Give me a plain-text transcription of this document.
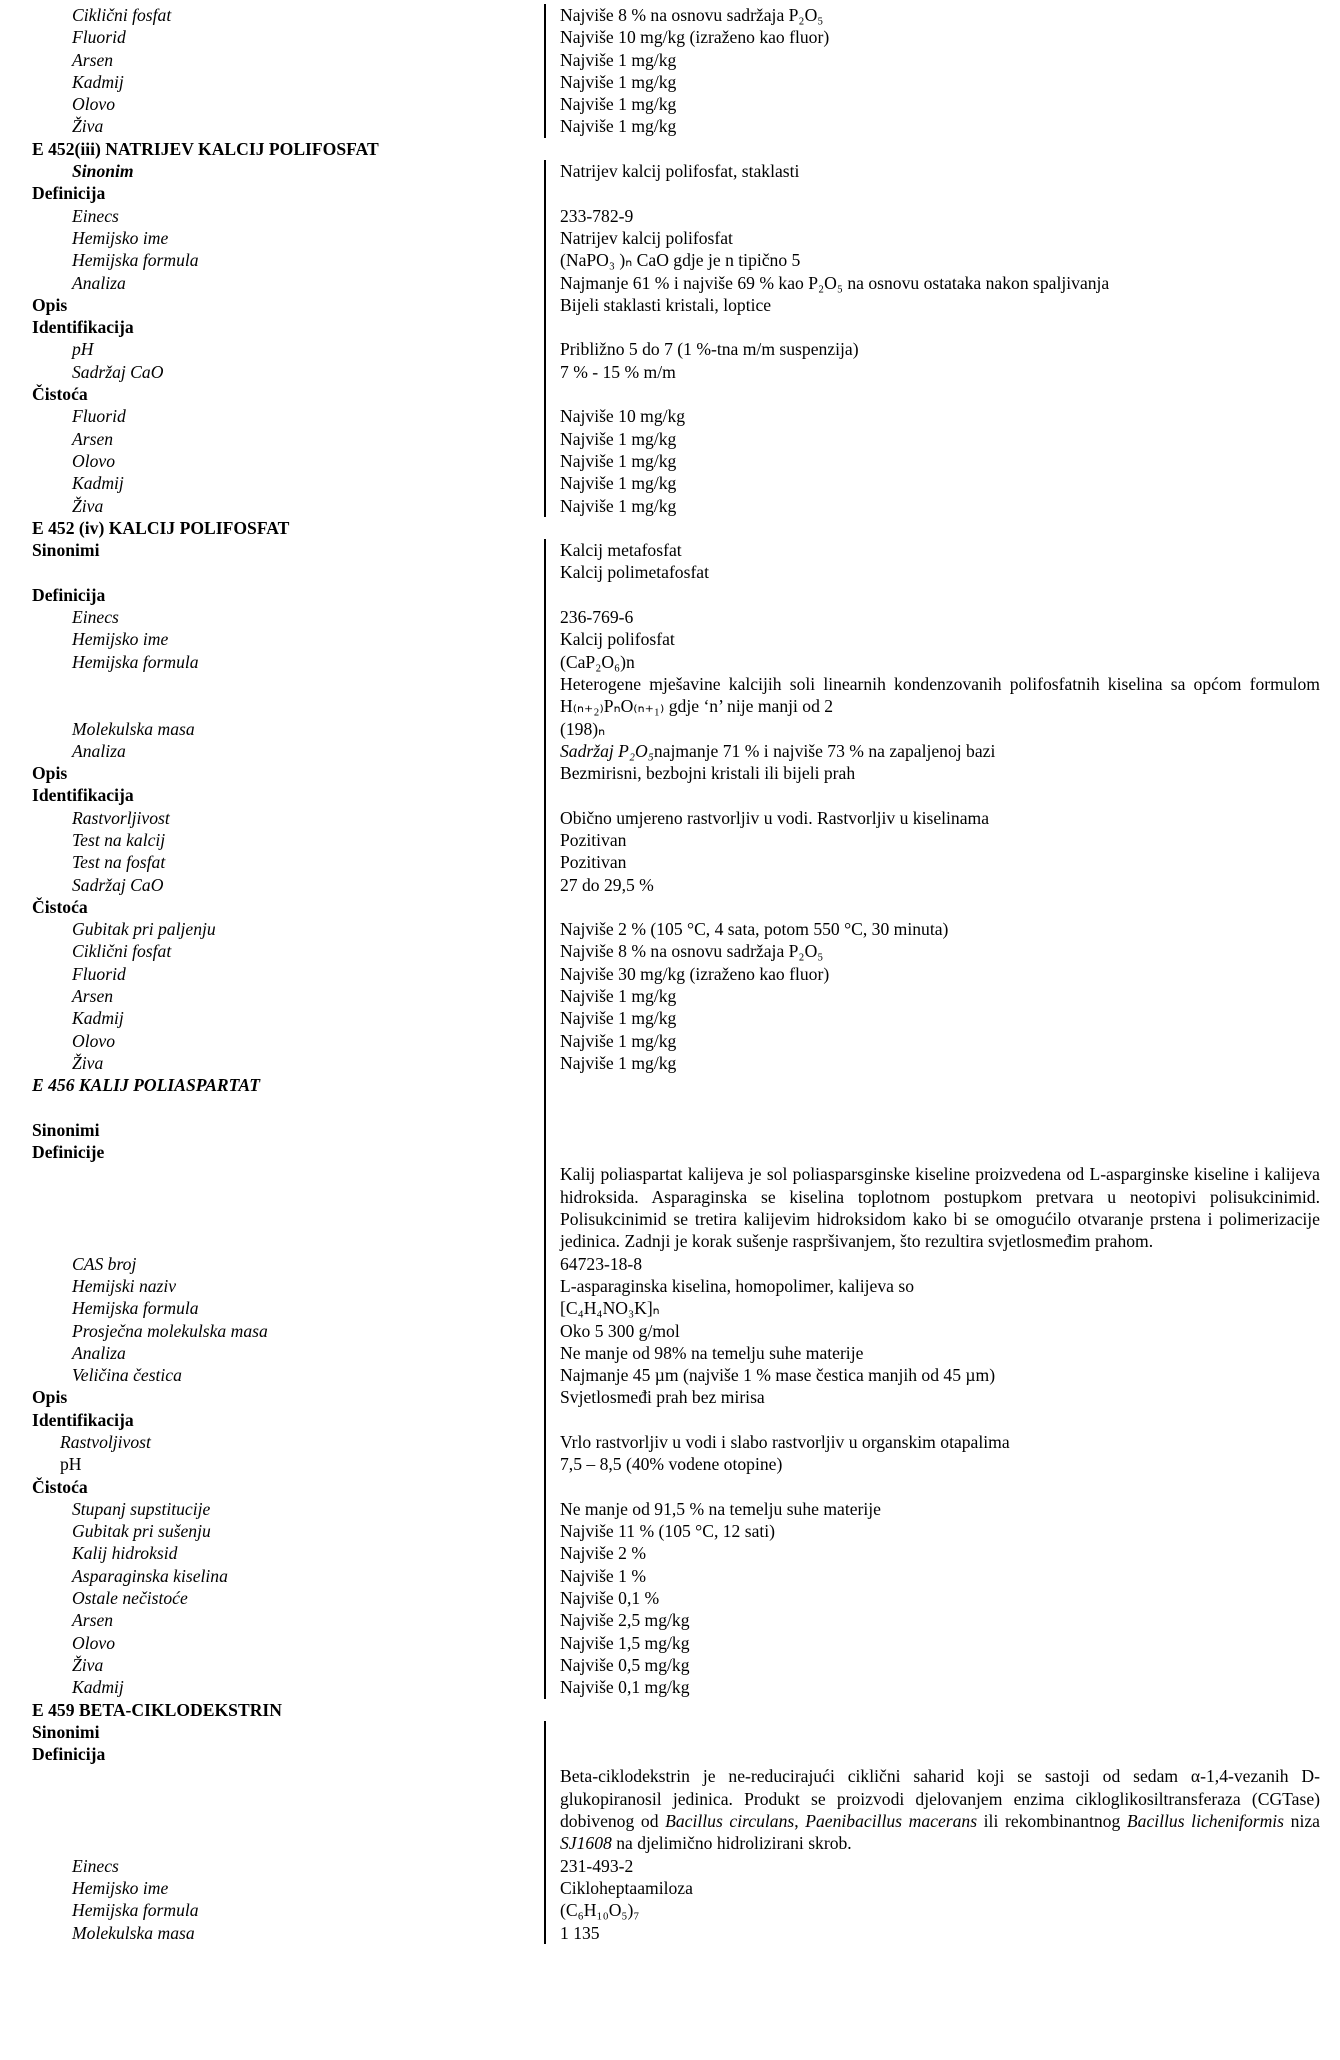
Ciklični fosfat	Najviše 8 % na osnovu sadržaja P₂O₅
Fluorid	Najviše 10 mg/kg (izraženo kao fluor)
Arsen	Najviše 1 mg/kg
Kadmij	Najviše 1 mg/kg
Olovo	Najviše 1 mg/kg
Živa	Najviše 1 mg/kg
E 452(iii) NATRIJEV KALCIJ POLIFOSFAT
Sinonim	Natrijev kalcij polifosfat, staklasti
Definicija
Einecs	233-782-9
Hemijsko ime	Natrijev kalcij polifosfat
Hemijska formula	(NaPO₃ )ₙ CaO gdje je n tipično 5
Analiza	Najmanje 61 % i najviše 69 % kao P₂O₅ na osnovu ostataka nakon spaljivanja
Opis	Bijeli staklasti kristali, loptice
Identifikacija
pH	Približno 5 do 7 (1 %-tna m/m suspenzija)
Sadržaj CaO	7 % - 15 % m/m
Čistoća
Fluorid	Najviše 10 mg/kg
Arsen	Najviše 1 mg/kg
Olovo	Najviše 1 mg/kg
Kadmij	Najviše 1 mg/kg
Živa	Najviše 1 mg/kg
E 452 (iv) KALCIJ POLIFOSFAT
Sinonimi	Kalcij metafosfat
Kalcij polimetafosfat
Definicija
Einecs	236-769-6
Hemijsko ime	Kalcij polifosfat
Hemijska formula	(CaP₂O₆)n
Heterogene mješavine kalcijih soli linearnih kondenzovanih polifosfatnih kiselina sa općom formulom H₍ₙ₊₂₎PₙO₍ₙ₊₁₎ gdje ‘n’ nije manji od 2
Molekulska masa	(198)ₙ
Analiza	Sadržaj P₂O₅najmanje 71 % i najviše 73 % na zapaljenoj bazi
Opis	Bezmirisni, bezbojni kristali ili bijeli prah
Identifikacija
Rastvorljivost	Obično umjereno rastvorljiv u vodi. Rastvorljiv u kiselinama
Test na kalcij	Pozitivan
Test na fosfat	Pozitivan
Sadržaj CaO	27 do 29,5 %
Čistoća
Gubitak pri paljenju	Najviše 2 % (105 °C, 4 sata, potom 550 °C, 30 minuta)
Ciklični fosfat	Najviše 8 % na osnovu sadržaja P₂O₅
Fluorid	Najviše 30 mg/kg (izraženo kao fluor)
Arsen	Najviše 1 mg/kg
Kadmij	Najviše 1 mg/kg
Olovo	Najviše 1 mg/kg
Živa	Najviše 1 mg/kg
E 456 KALIJ POLIASPARTAT
Sinonimi
Definicije
Kalij poliaspartat kalijeva je sol poliasparsginske kiseline proizvedena od L-asparginske kiseline i kalijeva hidroksida. Asparaginska se kiselina toplotnom postupkom pretvara u neotopivi polisukcinimid. Polisukcinimid se tretira kalijevim hidroksidom kako bi se omogućilo otvaranje prstena i polimerizacije jedinica. Zadnji je korak sušenje raspršivanjem, što rezultira svjetlosmeđim prahom.
CAS broj	64723-18-8
Hemijski naziv	L-asparaginska kiselina, homopolimer, kalijeva so
Hemijska formula	[C₄H₄NO₃K]ₙ
Prosječna molekulska masa	Oko 5 300 g/mol
Analiza	Ne manje od 98% na temelju suhe materije
Veličina čestica	Najmanje 45 µm (najviše 1 % mase čestica manjih od 45 µm)
Opis	Svjetlosmeđi prah bez mirisa
Identifikacija
Rastvoljivost	Vrlo rastvorljiv u vodi i slabo rastvorljiv u organskim otapalima
pH	7,5 – 8,5 (40% vodene otopine)
Čistoća
Stupanj supstitucije	Ne manje od 91,5 % na temelju suhe materije
Gubitak pri sušenju	Najviše 11 % (105 °C, 12 sati)
Kalij hidroksid	Najviše 2 %
Asparaginska kiselina	Najviše 1 %
Ostale nečistoće	Najviše 0,1 %
Arsen	Najviše 2,5 mg/kg
Olovo	Najviše 1,5 mg/kg
Živa	Najviše 0,5 mg/kg
Kadmij	Najviše 0,1 mg/kg
E 459 BETA-CIKLODEKSTRIN
Sinonimi
Definicija
Beta-ciklodekstrin je ne-reducirajući ciklični saharid koji se sastoji od sedam α-1,4-vezanih D-glukopiranosil jedinica. Produkt se proizvodi djelovanjem enzima cikloglikosiltransferaza (CGTase) dobivenog od Bacillus circulans, Paenibacillus macerans ili rekombinantnog Bacillus licheniformis niza SJ1608 na djelimično hidrolizirani skrob.
Einecs	231-493-2
Hemijsko ime	Cikloheptaamiloza
Hemijska formula	(C₆H₁₀O₅)₇
Molekulska masa	1 135
